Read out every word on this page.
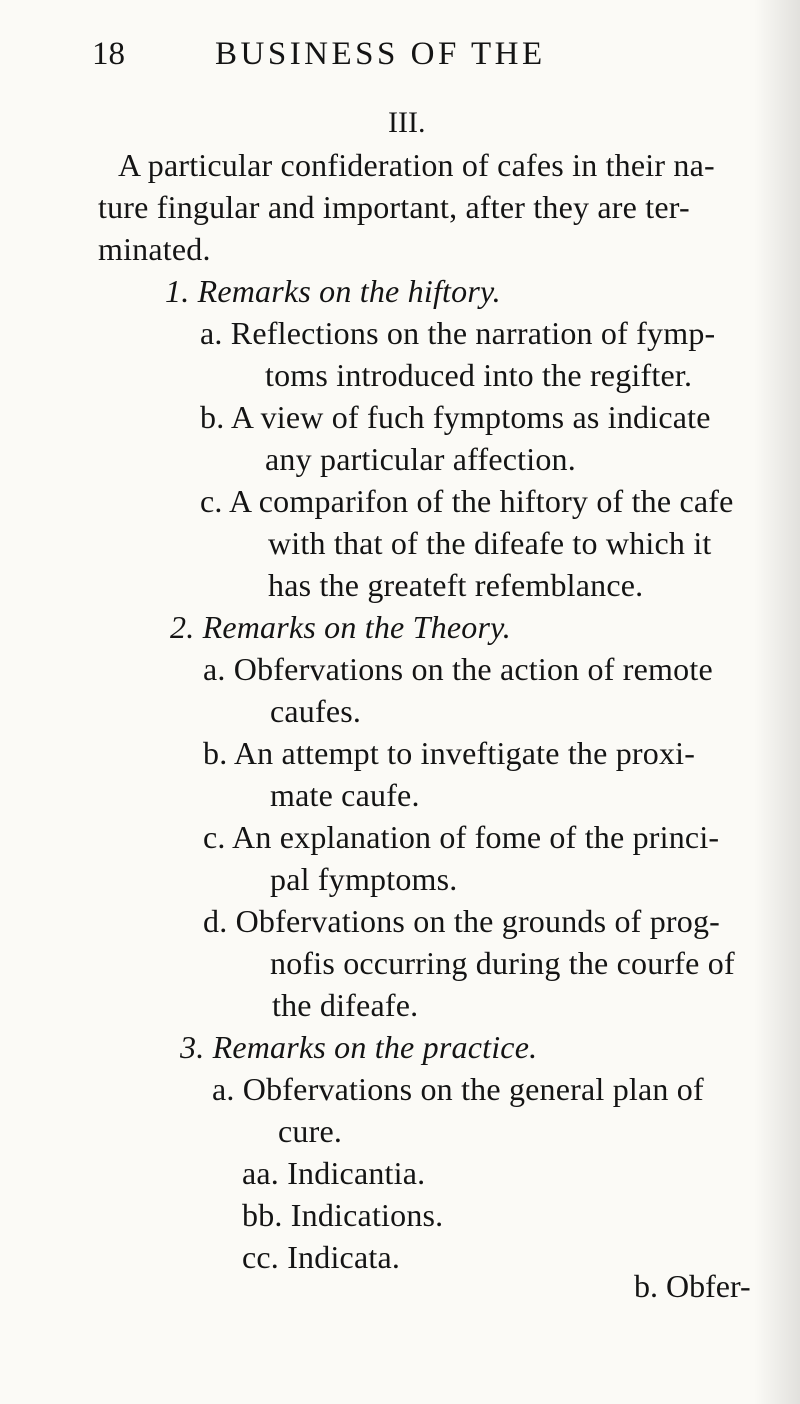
18	BUSINESS OF THE
III.
A particular confideration of cafes in their na-
ture fingular and important, after they are ter-
minated.
1. Remarks on the hiftory.
a. Reflections on the narration of fymp-
toms introduced into the regifter.
b. A view of fuch fymptoms as indicate
any particular affection.
c. A comparifon of the hiftory of the cafe
with that of the difeafe to which it
has the greateft refemblance.
2. Remarks on the Theory.
a. Obfervations on the action of remote
caufes.
b. An attempt to inveftigate the proxi-
mate caufe.
c. An explanation of fome of the princi-
pal fymptoms.
d. Obfervations on the grounds of prog-
nofis occurring during the courfe of
the difeafe.
3. Remarks on the practice.
a. Obfervations on the general plan of
cure.
aa. Indicantia.
bb. Indications.
cc. Indicata.
b. Obfer-
